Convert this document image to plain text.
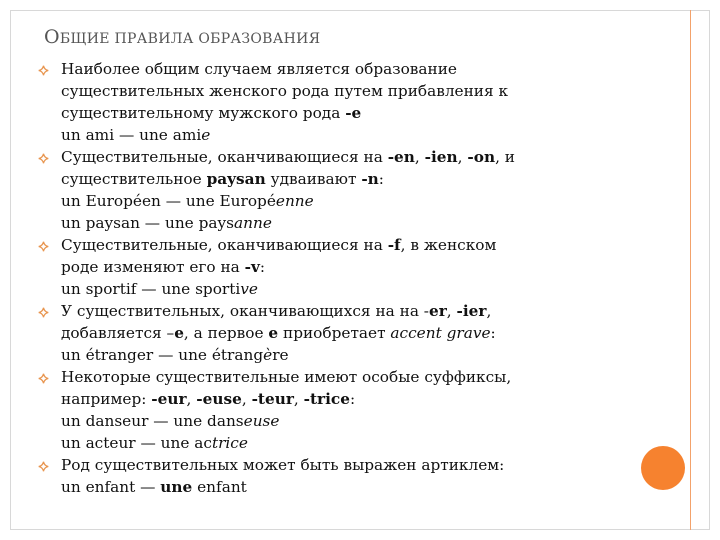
ОБЩИЕ ПРАВИЛА ОБРАЗОВАНИЯ
Наиболее общим случаем является образование
существительных женского рода путем прибавления к
существительному мужского рода -e
un ami — une amie
Существительные, оканчивающиеся на -en, -ien, -on, и
существительное paysan удваивают -n:
un Européen — une Européenne
un paysan — une paysanne
Существительные, оканчивающиеся на -f, в женском
роде изменяют его на -v:
un sportif — une sportive
У существительных, оканчивающихся на на -er, -ier,
добавляется –e, а первое e приобретает accent grave:
un étranger — une étrangère
Некоторые существительные имеют особые суффиксы,
например: -eur, -euse, -teur, -trice:
un danseur — une danseuse
un acteur — une actrice
Род существительных может быть выражен артиклем:
un enfant — une enfant
